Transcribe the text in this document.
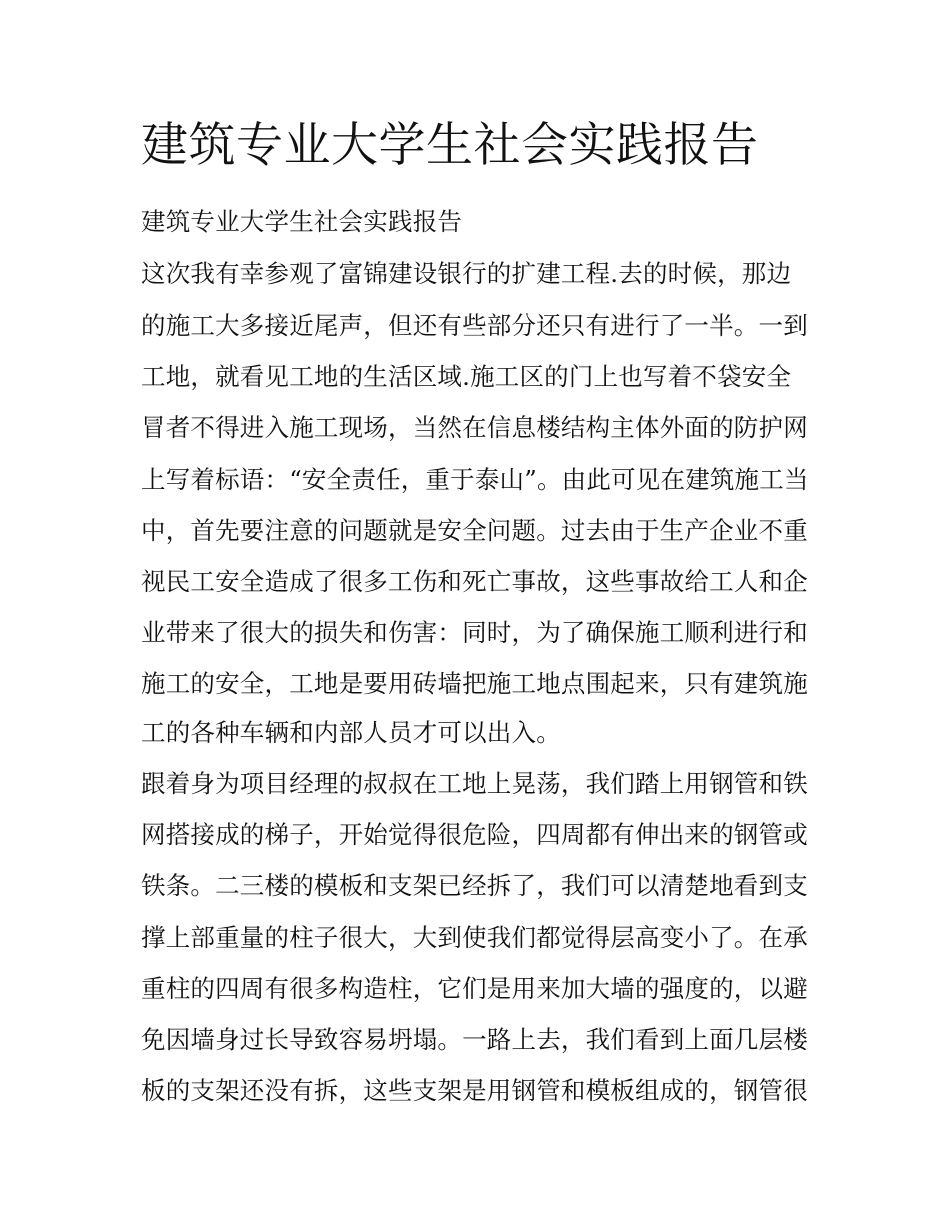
建筑专业大学生社会实践报告
建筑专业大学生社会实践报告
这次我有幸参观了富锦建设银行的扩建工程.去的时候，那边
的施工大多接近尾声，但还有些部分还只有进行了一半。一到
工地，就看见工地的生活区域.施工区的门上也写着不袋安全
冒者不得进入施工现场，当然在信息楼结构主体外面的防护网
上写着标语：“安全责任，重于泰山”。由此可见在建筑施工当
中，首先要注意的问题就是安全问题。过去由于生产企业不重
视民工安全造成了很多工伤和死亡事故，这些事故给工人和企
业带来了很大的损失和伤害：同时，为了确保施工顺利进行和
施工的安全，工地是要用砖墙把施工地点围起来，只有建筑施
工的各种车辆和内部人员才可以出入。
跟着身为项目经理的叔叔在工地上晃荡，我们踏上用钢管和铁
网搭接成的梯子，开始觉得很危险，四周都有伸出来的钢管或
铁条。二三楼的模板和支架已经拆了，我们可以清楚地看到支
撑上部重量的柱子很大，大到使我们都觉得层高变小了。在承
重柱的四周有很多构造柱，它们是用来加大墙的强度的，以避
免因墙身过长导致容易坍塌。一路上去，我们看到上面几层楼
板的支架还没有拆，这些支架是用钢管和模板组成的，钢管很
